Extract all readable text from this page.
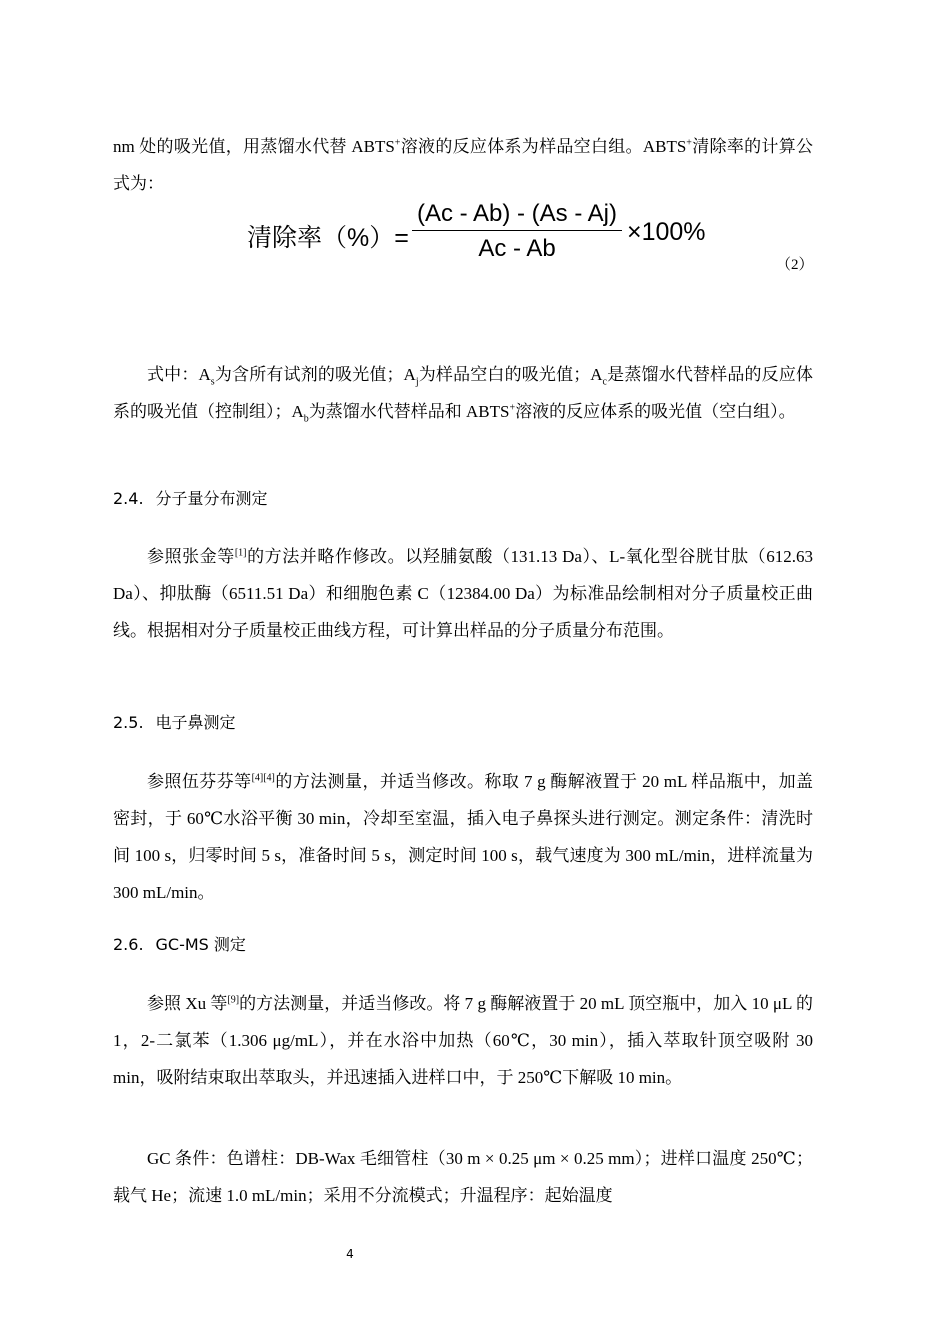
nm 处的吸光值，用蒸馏水代替 ABTS+溶液的反应体系为样品空白组。ABTS+清除率的计算公式为：
清除率（%）=
(Ac - Ab) - (As - Aj)
Ac - Ab
×100%
（2）
式中：$A_s$为含所有试剂的吸光值；$A_j$为样品空白的吸光值；$A_c$是蒸馏水代替样品的反应体系的吸光值（控制组）；$A_b$为蒸馏水代替样品和 ABTS+溶液的反应体系的吸光值（空白组）。
2.4. 分子量分布测定
参照张金等[1]的方法并略作修改。以羟脯氨酸（131.13 Da）、L-氧化型谷胱甘肽（612.63 Da）、抑肽酶（6511.51 Da）和细胞色素 C（12384.00 Da）为标准品绘制相对分子质量校正曲线。根据相对分子质量校正曲线方程，可计算出样品的分子质量分布范围。
2.5. 电子鼻测定
参照伍芬芬等[4][4]的方法测量，并适当修改。称取 7 g 酶解液置于 20 mL 样品瓶中，加盖密封，于 60℃水浴平衡 30 min，冷却至室温，插入电子鼻探头进行测定。测定条件：清洗时间 100 s，归零时间 5 s，准备时间 5 s，测定时间 100 s，载气速度为 300 mL/min，进样流量为 300 mL/min。
2.6. GC-MS 测定
参照 Xu 等[9]的方法测量，并适当修改。将 7 g 酶解液置于 20 mL 顶空瓶中，加入 10 μL 的 1，2-二氯苯（1.306 μg/mL），并在水浴中加热（60℃，30 min），插入萃取针顶空吸附 30 min，吸附结束取出萃取头，并迅速插入进样口中，于 250℃下解吸 10 min。
GC 条件：色谱柱：DB-Wax 毛细管柱（30 m × 0.25 μm × 0.25 mm）；进样口温度 250℃；载气 He；流速 1.0 mL/min；采用不分流模式；升温程序：起始温度
4
